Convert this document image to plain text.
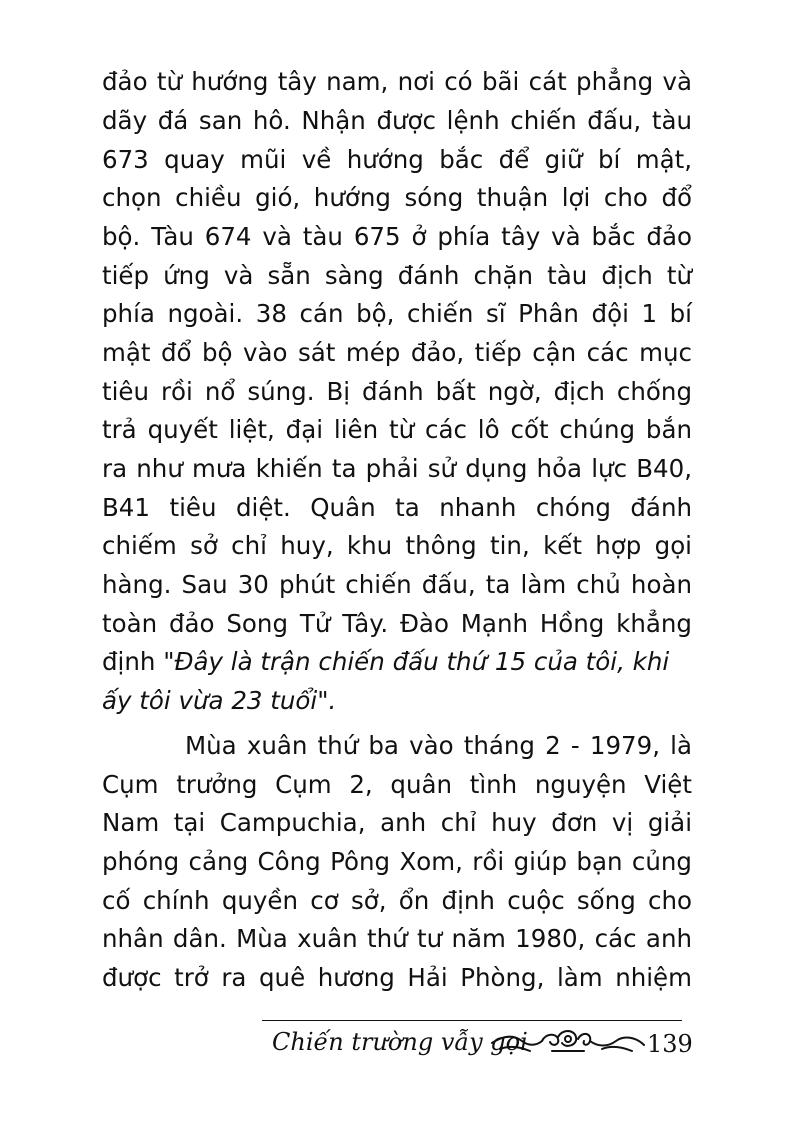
đảo từ hướng tây nam, nơi có bãi cát phẳng và
dãy đá san hô. Nhận được lệnh chiến đấu, tàu
673 quay mũi về hướng bắc để giữ bí mật,
chọn chiều gió, hướng sóng thuận lợi cho đổ
bộ. Tàu 674 và tàu 675 ở phía tây và bắc đảo
tiếp ứng và sẵn sàng đánh chặn tàu địch từ
phía ngoài. 38 cán bộ, chiến sĩ Phân đội 1 bí
mật đổ bộ vào sát mép đảo, tiếp cận các mục
tiêu rồi nổ súng. Bị đánh bất ngờ, địch chống
trả quyết liệt, đại liên từ các lô cốt chúng bắn
ra như mưa khiến ta phải sử dụng hỏa lực B40,
B41 tiêu diệt. Quân ta nhanh chóng đánh
chiếm sở chỉ huy, khu thông tin, kết hợp gọi
hàng. Sau 30 phút chiến đấu, ta làm chủ hoàn
toàn đảo Song Tử Tây. Đào Mạnh Hồng khẳng
định "Đây là trận chiến đấu thứ 15 của tôi, khi
ấy tôi vừa 23 tuổi".
Mùa xuân thứ ba vào tháng 2 - 1979, là
Cụm trưởng Cụm 2, quân tình nguyện Việt
Nam tại Campuchia, anh chỉ huy đơn vị giải
phóng cảng Công Pông Xom, rồi giúp bạn củng
cố chính quyền cơ sở, ổn định cuộc sống cho
nhân dân. Mùa xuân thứ tư năm 1980, các anh
được trở ra quê hương Hải Phòng, làm nhiệm
Chiến trường vẫy gọi	139
